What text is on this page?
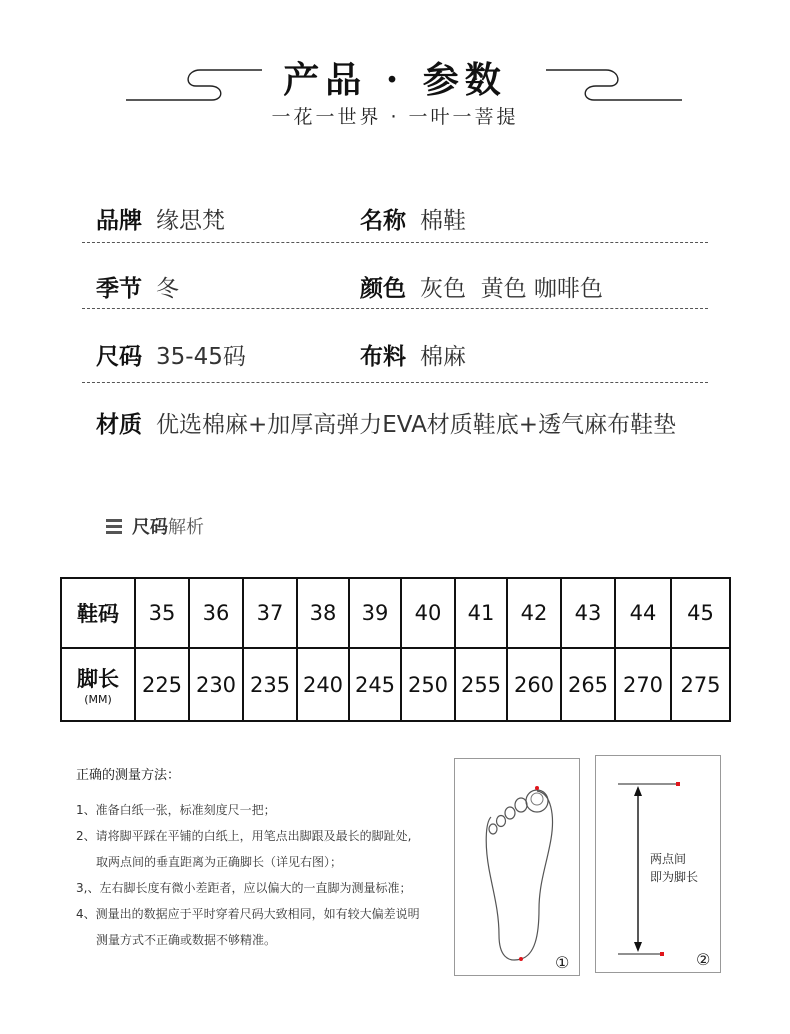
产品 · 参数
一花一世界 · 一叶一菩提
品牌 缘思梵	名称 棉鞋
季节 冬	颜色 灰色  黄色 咖啡色
尺码 35-45码	布料 棉麻
材质 优选棉麻+加厚高弹力EVA材质鞋底+透气麻布鞋垫
尺码 解析
鞋码	35	36	37	38	39	40	41	42	43	44	45
脚长
(MM)	225	230	235	240	245	250	255	260	265	270	275
正确的测量方法：
1、准备白纸一张，标准刻度尺一把；
2、请将脚平踩在平铺的白纸上，用笔点出脚跟及最长的脚趾处,
取两点间的垂直距离为正确脚长（详见右图）；
3,、左右脚长度有微小差距者，应以偏大的一直脚为测量标准；
4、测量出的数据应于平时穿着尺码大致相同，如有较大偏差说明
测量方式不正确或数据不够精准。
①
两点间
即为脚长
②
